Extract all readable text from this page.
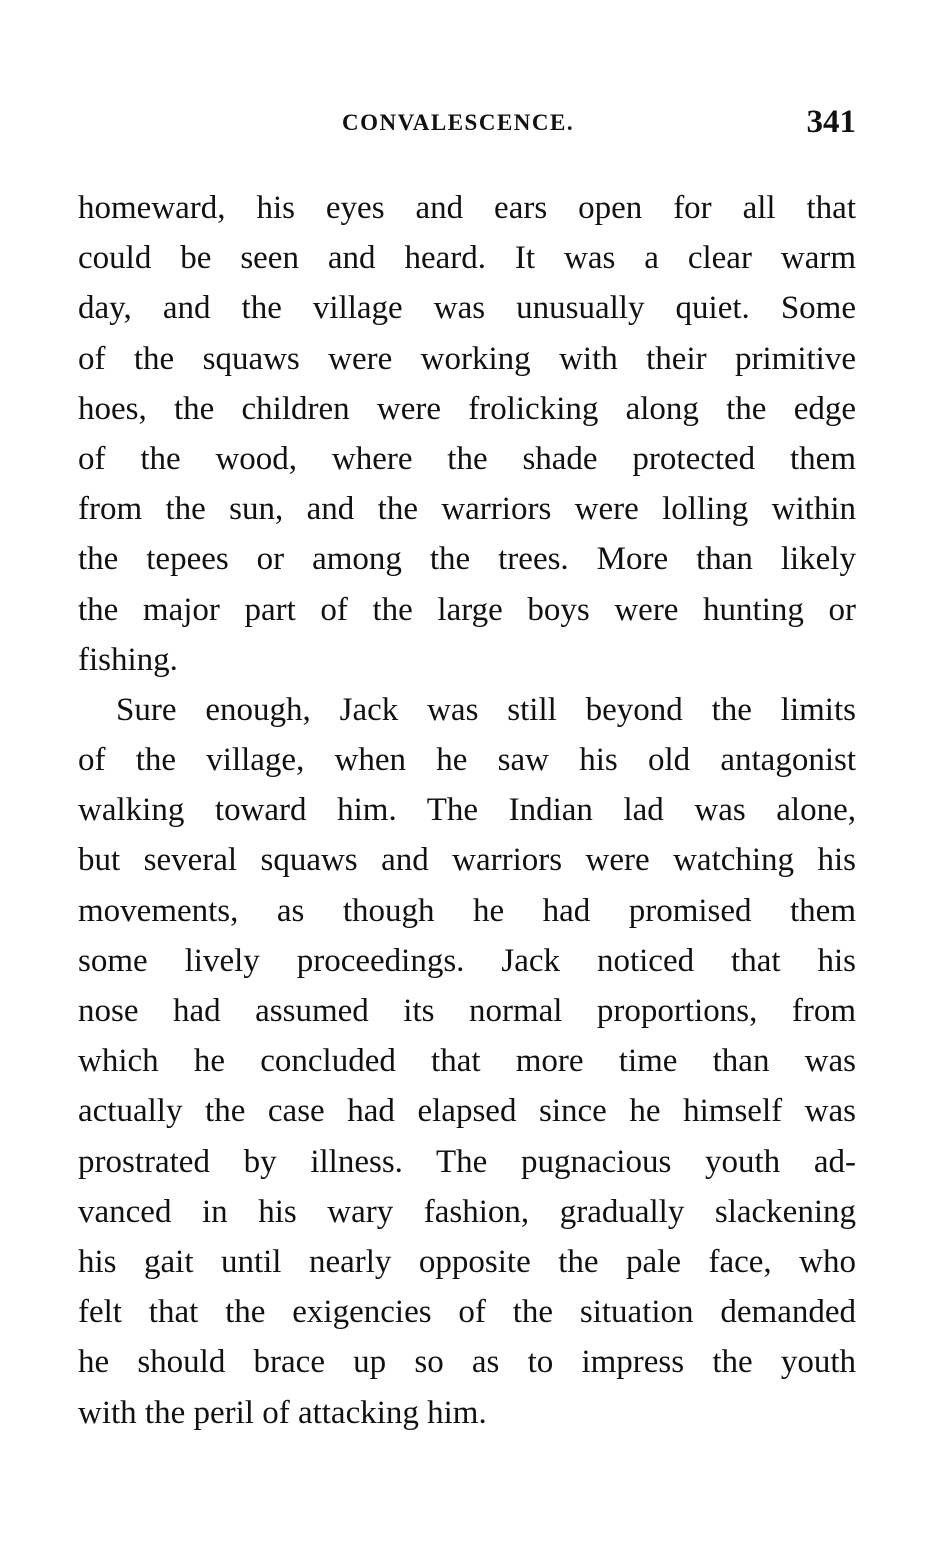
CONVALESCENCE.	341
homeward, his eyes and ears open for all that
could be seen and heard. It was a clear warm
day, and the village was unusually quiet. Some
of the squaws were working with their primitive
hoes, the children were frolicking along the edge
of the wood, where the shade protected them
from the sun, and the warriors were lolling within
the tepees or among the trees. More than likely
the major part of the large boys were hunting or
fishing.
Sure enough, Jack was still beyond the limits
of the village, when he saw his old antagonist
walking toward him. The Indian lad was alone,
but several squaws and warriors were watching his
movements, as though he had promised them
some lively proceedings. Jack noticed that his
nose had assumed its normal proportions, from
which he concluded that more time than was
actually the case had elapsed since he himself was
prostrated by illness. The pugnacious youth ad-
vanced in his wary fashion, gradually slackening
his gait until nearly opposite the pale face, who
felt that the exigencies of the situation demanded
he should brace up so as to impress the youth
with the peril of attacking him.
